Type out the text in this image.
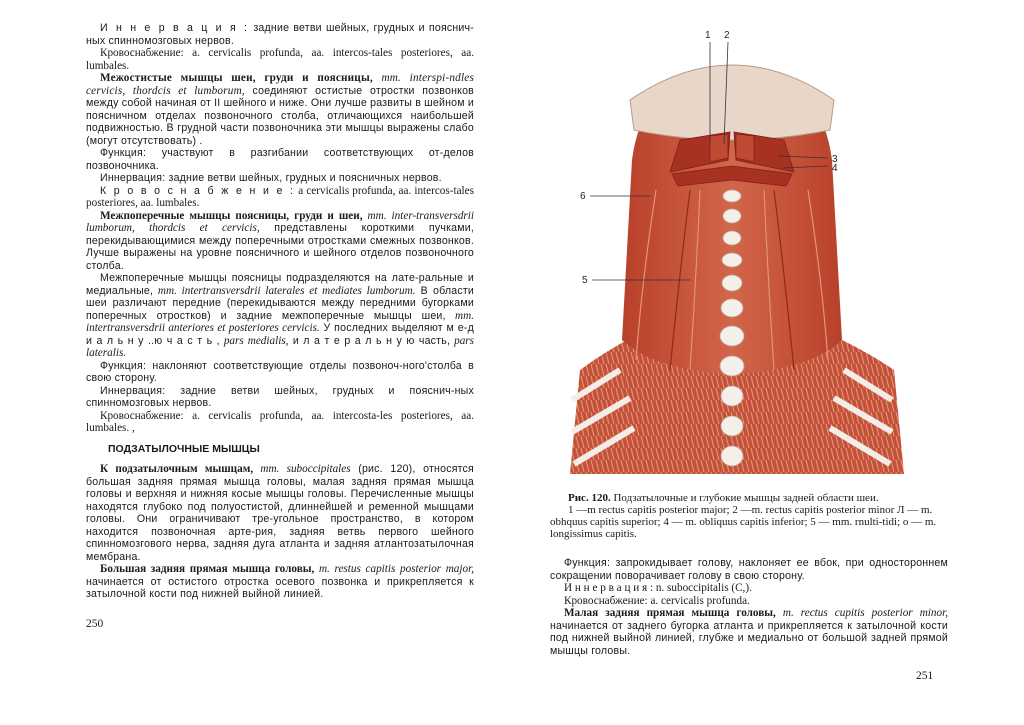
И н н е р в а ц и я : задние ветви шейных, грудных и пояснич-ных спинномозговых нервов.

Кровоснабжение: a. cervicalis profunda, aa. intercos-tales posteriores, aa. lumbales.

Межостистые мышцы шеи, груди и поясницы, mm. interspi-ndles cervicis, thordcis et lumborum, соединяют остистые отростки позвонков между собой начиная от II шейного и ниже. Они лучше развиты в шейном и поясничном отделах позвоночного столба, отличающихся наибольшей подвижностью. В грудной части позвоночника эти мышцы выражены слабо (могут отсутствовать) .

Функция: участвуют в разгибании соответствующих от-делов позвоночника.

Иннервация: задние ветви шейных, грудных и поясничных нервов.

К р о в о с н а б ж е н и е : a cervicalis profunda, aa. intercos-tales posteriores, aa. lumbales.

Межпоперечные мышцы поясницы, груди и шеи, mm. inter-transversdrii lumborum, thordcis et cervicis, представлены короткими пучками, перекидывающимися между поперечными отростками смежных позвонков. Лучше выражены на уровне поясничного и шейного отделов позвоночного столба.

Межпоперечные мышцы поясницы подразделяются на лате-ральные и медиальные, mm. intertransversdrii laterales et mediates lumborum. В области шеи различают передние (перекидываются между передними бугорками поперечных отростков) и задние межпоперечные мышцы шеи, mm. intertransversdrii anteriores et posteriores cervicis. У последних выделяют м е-д и а л ь н у ..ю ч а с т ь , pars medialis, и л а т е р а л ь н у ю часть, pars lateralis.

Функция: наклоняют соответствующие отделы позвоноч-ного'столба в свою сторону.

Иннервация: задние ветви шейных, грудных и пояснич-ных спинномозговых нервов.

Кровоснабжение: a. cervicalis profunda, aa. intercosta-les posteriores, aa. lumbales. ,

ПОДЗАТЫЛОЧНЫЕ МЫШЦЫ

К подзатылочным мышцам, mm. suboccipitales (рис. 120), относятся большая задняя прямая мышца головы, малая задняя прямая мышца головы и верхняя и нижняя косые мышцы головы. Перечисленные мышцы находятся глубоко под полуостистой, длиннейшей и ременной мышцами головы. Они ограничивают тре-угольное пространство, в котором находится позвоночная арте-рия, задняя ветвь первого шейного спинномозгового нерва, задняя дуга атланта и задняя атлантозатылочная мембрана.

Большая задняя прямая мышца головы, m. restus capitis posterior major, начинается от остистого отростка осевого позвонка и прикрепляется к затылочной кости под нижней выйной линией.

250
1 2
3
4
5
6
Рис. 120. Подзатылочные и глубокие мышцы задней области шеи.
1 —m rectus capitis posterior major; 2 —m. rectus capitis posterior minor Л — m. obhquus capitis superior; 4 — m. obliquus capitis inferior; 5 — mm. rnulti-tidi; o — m. longissimus capitis.

Функция: запрокидывает голову, наклоняет ее вбок, при одностороннем сокращении поворачивает голову в свою сторону.

И н н е р в а ц и я : n. suboccipitalis (C,).

Кровоснабжение: a. cervicalis profunda.

Малая задняя прямая мышца головы, m. rectus cupitis posterior minor, начинается от заднего бугорка атланта и прикрепляется к затылочной кости под нижней выйной линией, глубже и медиально от большой задней прямой мышцы головы.

251
